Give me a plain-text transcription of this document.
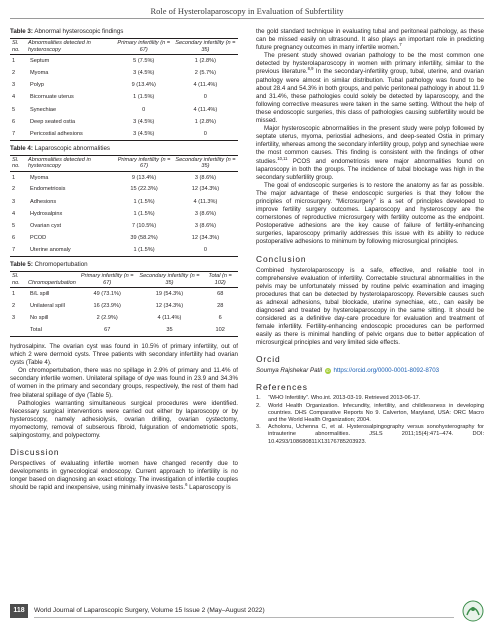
Role of Hysterolaparoscopy in Evaluation of Subfertility
Table 3: Abnormal hysteroscopic findings
Sl. no.	Abnormalities detected in hysteroscopy	Primary infertility (n = 67)	Secondary infertility (n = 35)
1	Septum	5 (7.5%)	1 (2.8%)
2	Myoma	3 (4.5%)	2 (5.7%)
3	Polyp	9 (13.4%)	4 (11.4%)
4	Bicornuate uterus	1 (1.5%)	0
5	Synechiae	0	4 (11.4%)
6	Deep seated ostia	3 (4.5%)	1 (2.8%)
7	Pericostial adhesions	3 (4.5%)	0
Table 4: Laparoscopic abnormalities
Sl. no.	Abnormalities detected in hysteroscopy	Primary infertility (n = 67)	Secondary infertility (n = 35)
1	Myoma	9 (13.4%)	3 (8.6%)
2	Endometriosis	15 (22.3%)	12 (34.3%)
3	Adhesions	1 (1.5%)	4 (11.3%)
4	Hydrosalpinx	1 (1.5%)	3 (8.6%)
5	Ovarian cyst	7 (10.5%)	3 (8.6%)
6	PCOD	39 (58.2%)	12 (34.3%)
7	Uterine anomaly	1 (1.5%)	0
Table 5: Chromopertubation
Sl. no.	Chromopertubation	Primary infertility (n = 67)	Secondary infertility (n = 35)	Total (n = 102)
1	B/L spill	49 (73.1%)	19 (54.3%)	68
2	Unilateral spill	16 (23.9%)	12 (34.3%)	28
3	No spill	2 (2.9%)	4 (11.4%)	6
	Total	67	35	102

hydrosalpinx. The ovarian cyst was found in 10.5% of primary infertility, out of which 2 were dermoid cysts. Three patients with secondary infertility had ovarian cysts (Table 4).

On chromopertubation, there was no spillage in 2.9% of primary and 11.4% of secondary infertile women. Unilateral spillage of dye was found in 23.9 and 34.3% of women in the primary and secondary groups, respectively, the rest of them had free bilateral spillage of dye (Table 5).

Pathologies warranting simultaneous surgical procedures were identified. Necessary surgical interventions were carried out either by laparoscopy or by hysteroscopy, namely adhesiolysis, ovarian drilling, ovarian cystectomy, myomectomy, removal of subserous fibroid, fulguration of endometriotic spots, salpingostomy, and polypectomy.

Discussion

Perspectives of evaluating infertile women have changed recently due to developments in gynecological endoscopy. Current approach to infertility is no longer based on diagnosing an exact etiology. The investigation of infertile couples should be rapid and inexpensive, using minimally invasive tests.$^6$ Laparoscopy is

the gold standard technique in evaluating tubal and peritoneal pathology, as these can be missed easily on ultrasound. It also plays an important role in predicting future pregnancy outcomes in many infertile women.$^7$

The present study showed ovarian pathology to be the most common one detected by hysterolaparoscopy in women with primary infertility, similar to the previous literature.$^{8,9}$ In the secondary-infertility group, tubal, uterine, and ovarian pathology were almost in similar distribution. Tubal pathology was found to be about 28.4 and 54.3% in both groups, and pelvic peritoneal pathology in about 11.9 and 31.4%, these pathologies could solely be detected by laparoscopy, and the following corrective measures were taken in the same setting. Without the help of these endoscopic surgeries, this class of pathologies causing subfertility would be missed.

Major hysteroscopic abnormalities in the present study were polyp followed by septate uterus, myoma, periostial adhesions, and deep-seated Ostia in primary infertility, whereas among the secondary infertility group, polyp and synechiae were the most common causes. This finding is consistent with the findings of other studies.$^{10,11}$ PCOS and endometriosis were major abnormalities found on laparoscopy in both the groups. The incidence of tubal blockage was high in the secondary subfertility group.

The goal of endoscopic surgeries is to restore the anatomy as far as possible. The major advantage of these endoscopic surgeries is that they follow the principles of microsurgery. “Microsurgery” is a set of principles developed to improve fertility surgery outcomes. Laparoscopy and hysteroscopy are the cornerstones of reproductive microsurgery with fertility outcome as the endpoint. Postoperative adhesions are the key cause of failure of fertility-enhancing surgeries, laparoscopy primarily addresses this issue with its ability to reduce postoperative adhesions to minimum by following microsurgical principles.

Conclusion

Combined hysterolaparoscopy is a safe, effective, and reliable tool in comprehensive evaluation of infertility. Correctable structural abnormalities in the pelvis may be unfortunately missed by routine pelvic examination and imaging procedures that can be detected by hysterolaparoscopy. Reversible causes such as adnexal adhesions, tubal blockade, uterine synechiae, etc., can easily be diagnosed and treated by hysterolaparoscopy in the same sitting. It should be considered as a definitive day-care procedure for evaluation and treatment of female infertility. Fertility-enhancing endoscopic procedures can be performed easily as there is minimal handling of pelvic organs due to better application of microsurgical principles and very limited side effects.

Orcid
Soumya Rajshekar Patil iD https://orcid.org/0000-0001-8092-8703
References
1.	“WHO Infertility”. Who.int. 2013-03-19. Retrieved 2013-06-17.
2.	World Health Organization. Infecundity, infertility, and childlessness in developing countries. DHS Comparative Reports No 9. Calverton, Maryland, USA: ORC Macro and the World Health Organization; 2004.
3.	Acholonu, Uchenna C, et al. Hysterosalpingography versus sonohysterography for intrauterine abnormalities. JSLS 2011;15(4):471–474. DOI: 10.4293/108680811X13176785203923.
118	World Journal of Laparoscopic Surgery, Volume 15 Issue 2 (May–August 2022)
